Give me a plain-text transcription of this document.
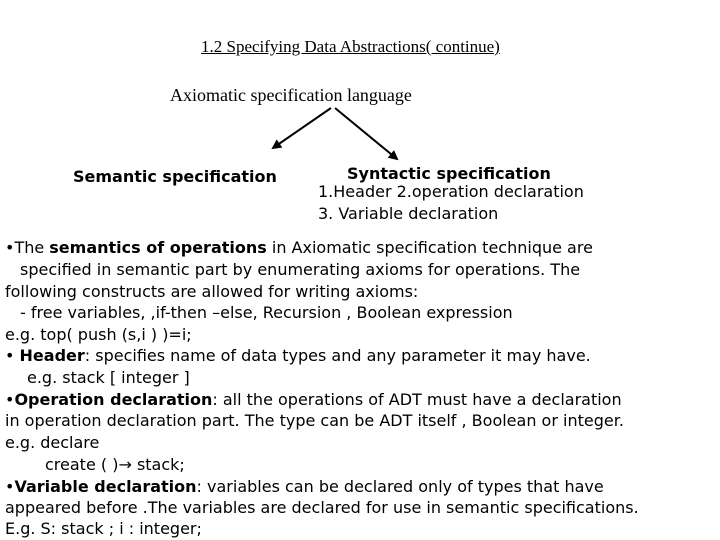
1.2 Specifying Data Abstractions( continue)
Axiomatic specification language
Semantic specification	Syntactic specification
1.Header 2.operation declaration
3. Variable declaration
•The semantics of operations in Axiomatic specification technique are
specified in semantic part by enumerating axioms for operations. The
following constructs are allowed for writing axioms:
- free variables, ,if-then –else, Recursion , Boolean expression
e.g. top( push (s,i ) )=i;
• Header: specifies name of data types and any parameter it may have.
e.g. stack [ integer ]
•Operation declaration: all the operations of ADT must have a declaration
in operation declaration part. The type can be ADT itself , Boolean or integer.
e.g. declare
create ( )→ stack;
•Variable declaration: variables can be declared only of types that have
appeared before .The variables are declared for use in semantic specifications.
E.g. S: stack ; i : integer;
